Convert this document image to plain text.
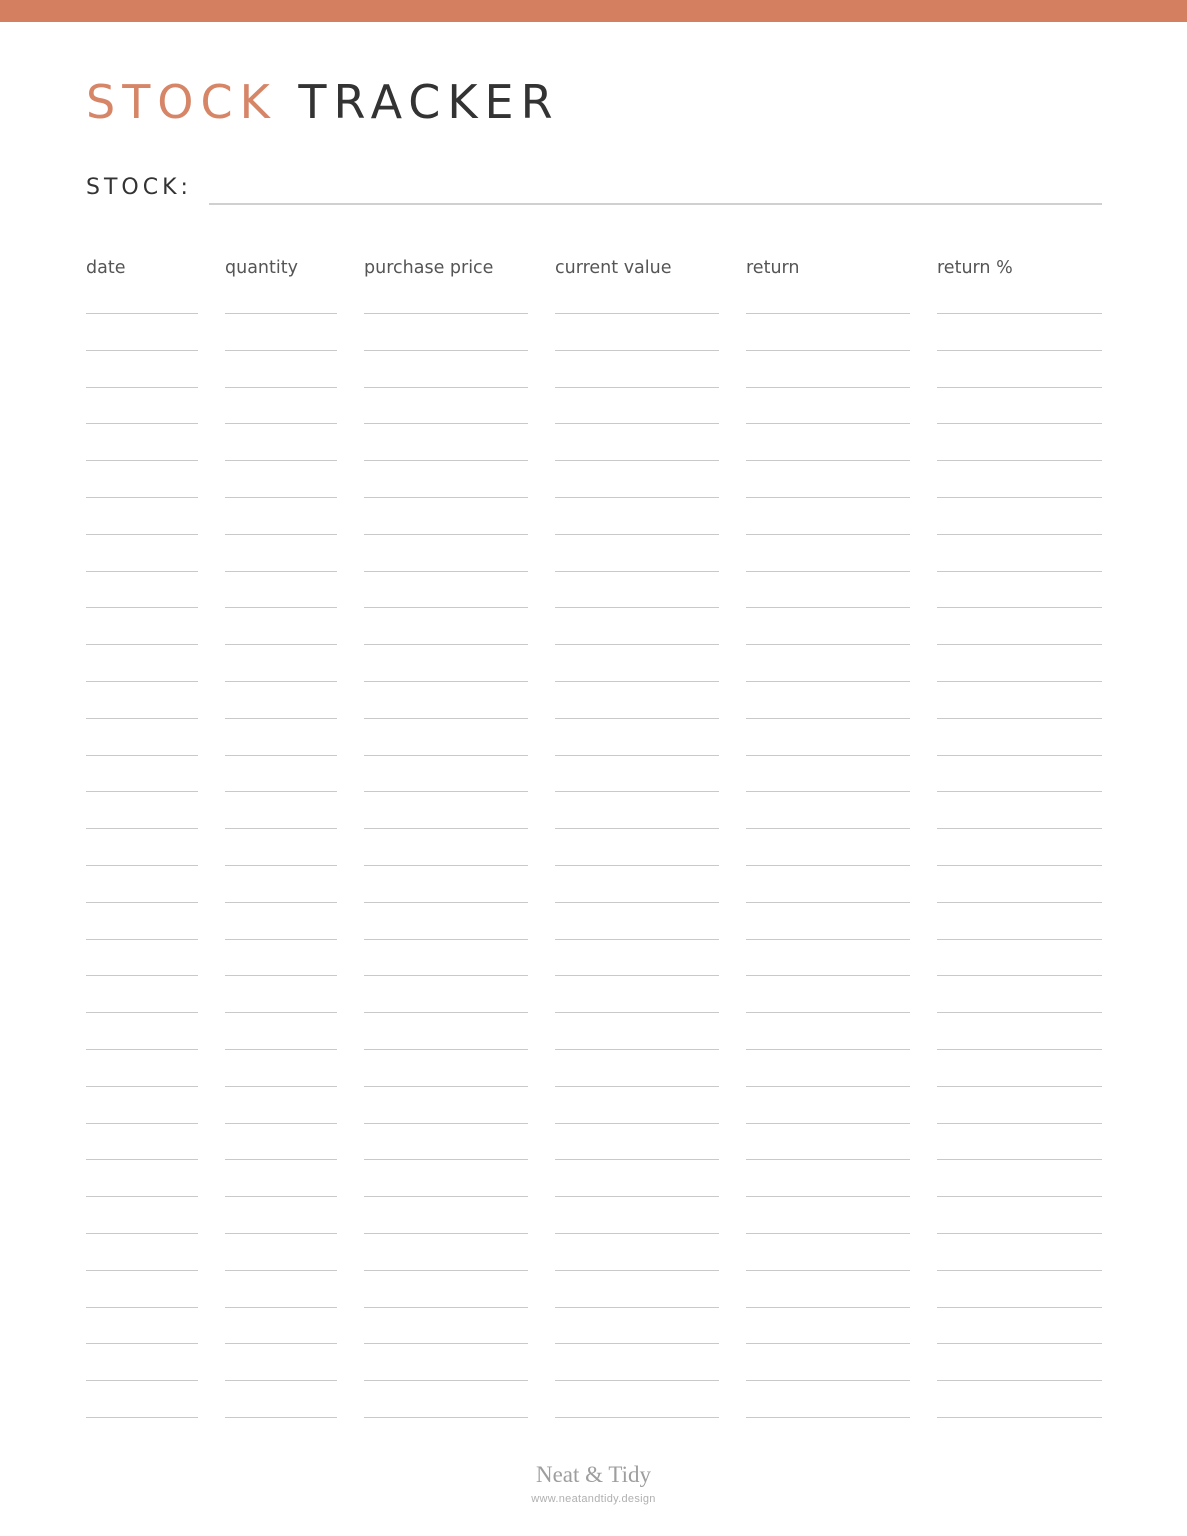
STOCK TRACKER
STOCK:
date	quantity	purchase price	current value	return	return %
Neat & Tidy
www.neatandtidy.design
